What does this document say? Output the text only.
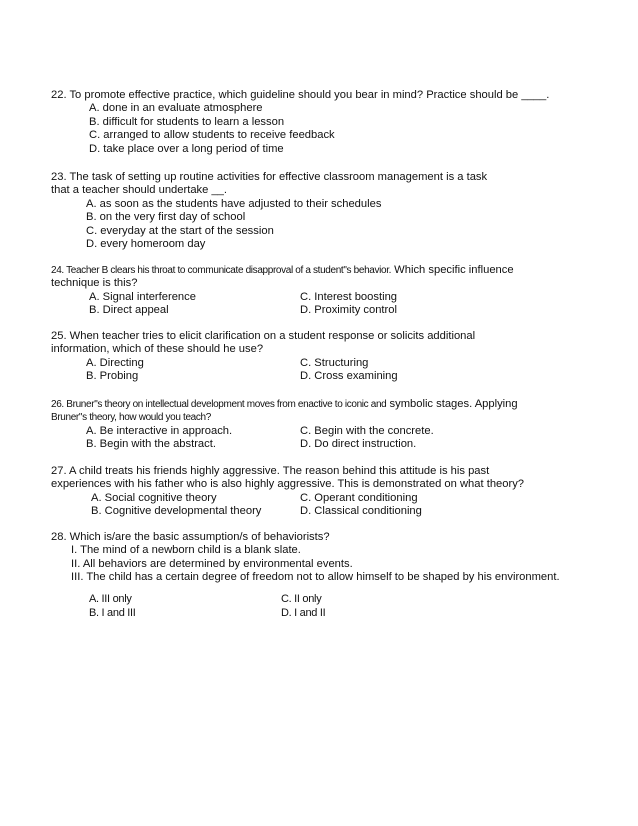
22. To promote effective practice, which guideline should you bear in mind? Practice should be ____.
A. done in an evaluate atmosphere
B. difficult for students to learn a lesson
C. arranged to allow students to receive feedback
D. take place over a long period of time
23. The task of setting up routine activities for effective classroom management is a task
that a teacher should undertake __.
A. as soon as the students have adjusted to their schedules
B. on the very first day of school
C. everyday at the start of the session
D. every homeroom day
24. Teacher B clears his throat to communicate disapproval of a student"s behavior. Which specific influence
technique is this?
A. Signal interference	C. Interest boosting
B. Direct appeal	D. Proximity control
25. When teacher tries to elicit clarification on a student response or solicits additional
information, which of these should he use?
A. Directing	C. Structuring
B. Probing	D. Cross examining
26. Bruner"s theory on intellectual development moves from enactive to iconic and symbolic stages. Applying
Bruner"s theory, how would you teach?
A. Be interactive in approach.	C. Begin with the concrete.
B. Begin with the abstract.	D. Do direct instruction.
27. A child treats his friends highly aggressive. The reason behind this attitude is his past
experiences with his father who is also highly aggressive. This is demonstrated on what theory?
A. Social cognitive theory	C. Operant conditioning
B. Cognitive developmental theory	D. Classical conditioning
28. Which is/are the basic assumption/s of behaviorists?
I. The mind of a newborn child is a blank slate.
II. All behaviors are determined by environmental events.
III. The child has a certain degree of freedom not to allow himself to be shaped by his environment.
A. III only	C. II only
B. I and III	D. I and II
